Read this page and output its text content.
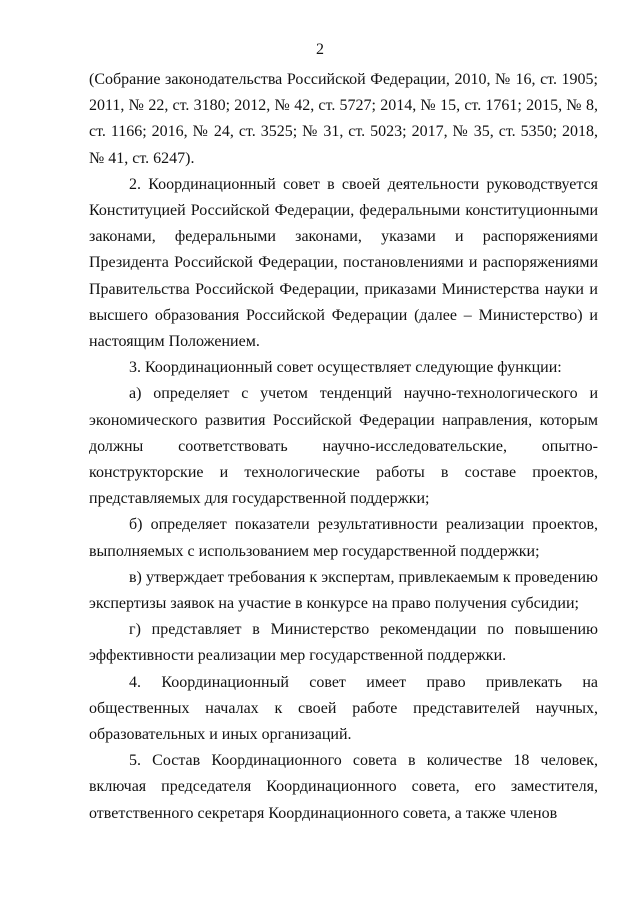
2

(Собрание законодательства Российской Федерации, 2010, № 16, ст. 1905; 2011, № 22, ст. 3180; 2012, № 42, ст. 5727; 2014, № 15, ст. 1761; 2015, № 8, ст. 1166; 2016, № 24, ст. 3525; № 31, ст. 5023; 2017, № 35, ст. 5350; 2018, № 41, ст. 6247).

2. Координационный совет в своей деятельности руководствуется Конституцией Российской Федерации, федеральными конституционными законами, федеральными законами, указами и распоряжениями Президента Российской Федерации, постановлениями и распоряжениями Правительства Российской Федерации, приказами Министерства науки и высшего образования Российской Федерации (далее – Министерство) и настоящим Положением.

3. Координационный совет осуществляет следующие функции:

а) определяет с учетом тенденций научно-технологического и экономического развития Российской Федерации направления, которым должны соответствовать научно-исследовательские, опытно-конструкторские и технологические работы в составе проектов, представляемых для государственной поддержки;

б) определяет показатели результативности реализации проектов, выполняемых с использованием мер государственной поддержки;

в) утверждает требования к экспертам, привлекаемым к проведению экспертизы заявок на участие в конкурсе на право получения субсидии;

г) представляет в Министерство рекомендации по повышению эффективности реализации мер государственной поддержки.

4. Координационный совет имеет право привлекать на общественных началах к своей работе представителей научных, образовательных и иных организаций.

5. Состав Координационного совета в количестве 18 человек, включая председателя Координационного совета, его заместителя, ответственного секретаря Координационного совета, а также членов
